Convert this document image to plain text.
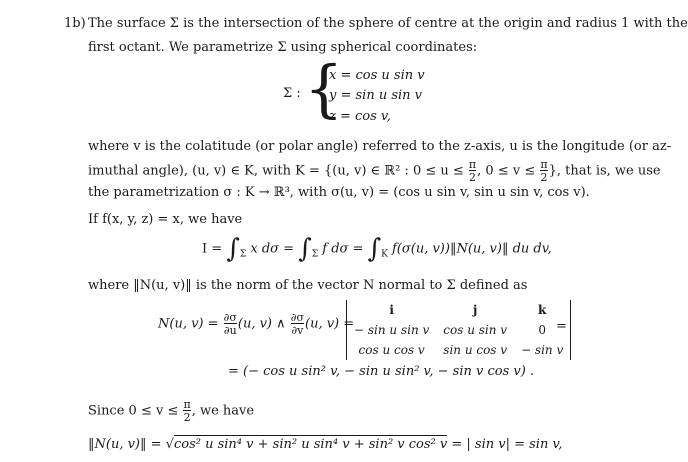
1b) The surface Σ is the intersection of the sphere of centre at the origin and radius 1 with the
first octant. We parametrize Σ using spherical coordinates:
Σ : {
x = cos u sin v
y = sin u sin v
z = cos v,
where v is the colatitude (or polar angle) referred to the z-axis, u is the longitude (or az-
imuthal angle), (u, v) ∈ K, with K = {(u, v) ∈ ℝ² : $0 \le u \le \frac{\pi}{2}$ , $0 \le v \le \frac{\pi}{2}$ }, that is, we use
the parametrization σ : K → ℝ³, with σ(u, v) = (cos u sin v, sin u sin v, cos v).
If f(x, y, z) = x, we have
$I = \int_\Sigma$ x $d\sigma = \int_\Sigma$ f $d\sigma = \int_K$ f(σ(u, v))‖N(u, v)‖ du dv,
where ‖N(u, v)‖ is the norm of the vector N normal to Σ defined as
N(u, $v) = \frac{\partial\sigma}{\partial u} (u$, v) ∧ $\frac{\partial\sigma}{\partial v} (u$, v) =
i	j	k
− sin u sin v	cos u sin v	0
cos u cos v	sin u cos v	− sin v
=
= (− cos u sin² v, − sin u sin² v, − sin v cos v) .
Since $0 \le v \le \frac{\pi}{2}$ , we have
‖N(u, v)‖ = √cos² u sin⁴ v + sin² u sin⁴ v + sin² v cos² v = | sin v| = sin v,
